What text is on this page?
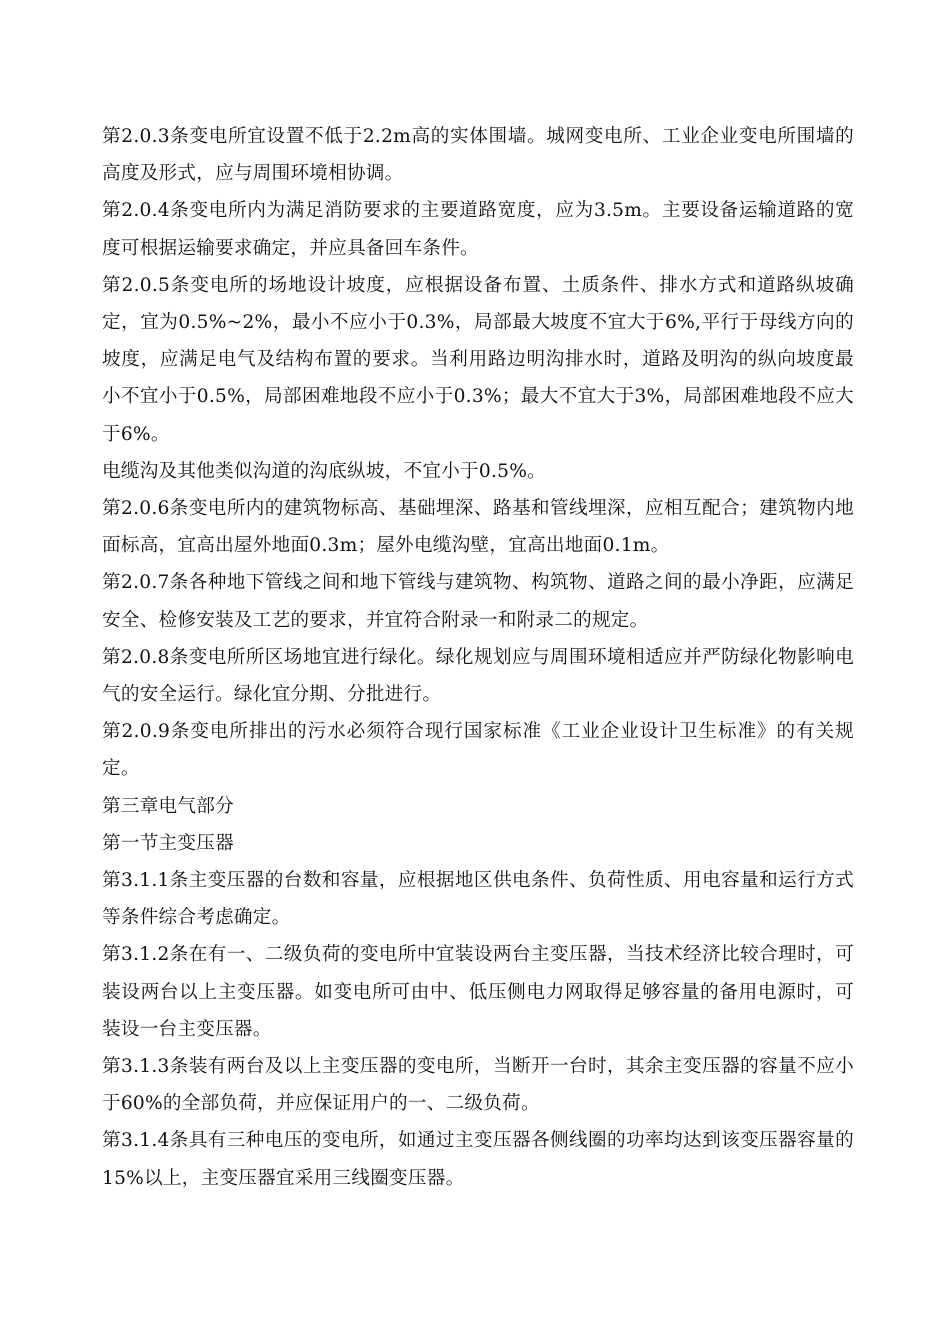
第2.0.3条变电所宜设置不低于2.2m高的实体围墙。城网变电所、工业企业变电所围墙的高度及形式，应与周围环境相协调。

第2.0.4条变电所内为满足消防要求的主要道路宽度，应为3.5m。主要设备运输道路的宽度可根据运输要求确定，并应具备回车条件。

第2.0.5条变电所的场地设计坡度，应根据设备布置、土质条件、排水方式和道路纵坡确定，宜为0.5%~2%，最小不应小于0.3%，局部最大坡度不宜大于6%,平行于母线方向的坡度，应满足电气及结构布置的要求。当利用路边明沟排水时，道路及明沟的纵向坡度最小不宜小于0.5%，局部困难地段不应小于0.3%；最大不宜大于3%，局部困难地段不应大于6%。

电缆沟及其他类似沟道的沟底纵坡，不宜小于0.5%。

第2.0.6条变电所内的建筑物标高、基础埋深、路基和管线埋深，应相互配合；建筑物内地面标高，宜高出屋外地面0.3m；屋外电缆沟壁，宜高出地面0.1m。

第2.0.7条各种地下管线之间和地下管线与建筑物、构筑物、道路之间的最小净距，应满足安全、检修安装及工艺的要求，并宜符合附录一和附录二的规定。

第2.0.8条变电所所区场地宜进行绿化。绿化规划应与周围环境相适应并严防绿化物影响电气的安全运行。绿化宜分期、分批进行。

第2.0.9条变电所排出的污水必须符合现行国家标准《工业企业设计卫生标准》的有关规定。

第三章电气部分

第一节主变压器

第3.1.1条主变压器的台数和容量，应根据地区供电条件、负荷性质、用电容量和运行方式等条件综合考虑确定。

第3.1.2条在有一、二级负荷的变电所中宜装设两台主变压器，当技术经济比较合理时，可装设两台以上主变压器。如变电所可由中、低压侧电力网取得足够容量的备用电源时，可装设一台主变压器。

第3.1.3条装有两台及以上主变压器的变电所，当断开一台时，其余主变压器的容量不应小于60%的全部负荷，并应保证用户的一、二级负荷。

第3.1.4条具有三种电压的变电所，如通过主变压器各侧线圈的功率均达到该变压器容量的15%以上，主变压器宜采用三线圈变压器。
